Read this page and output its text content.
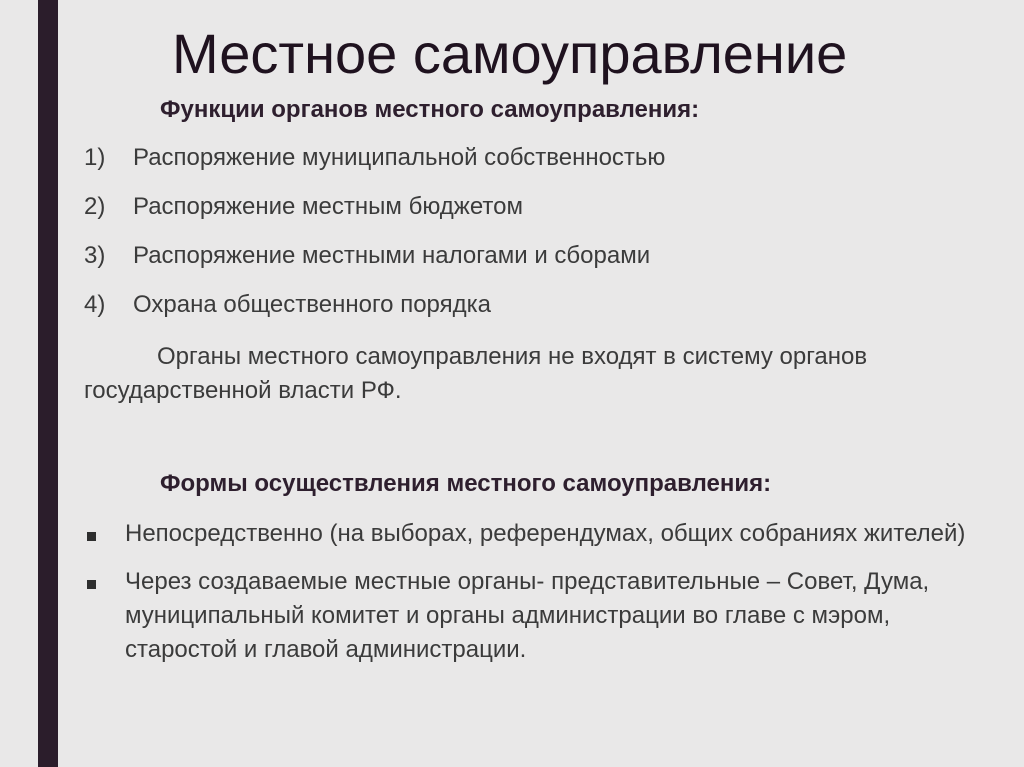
Местное самоуправление
Функции органов местного самоуправления:
1) Распоряжение муниципальной собственностью
2) Распоряжение местным бюджетом
3) Распоряжение местными налогами и сборами
4) Охрана общественного порядка

Органы местного самоуправления не входят в систему органов государственной власти РФ.

Формы осуществления местного самоуправления:
Непосредственно (на выборах, референдумах, общих собраниях жителей)
Через создаваемые местные органы- представительные – Совет, Дума, муниципальный комитет и органы администрации во главе с мэром, старостой и главой администрации.
